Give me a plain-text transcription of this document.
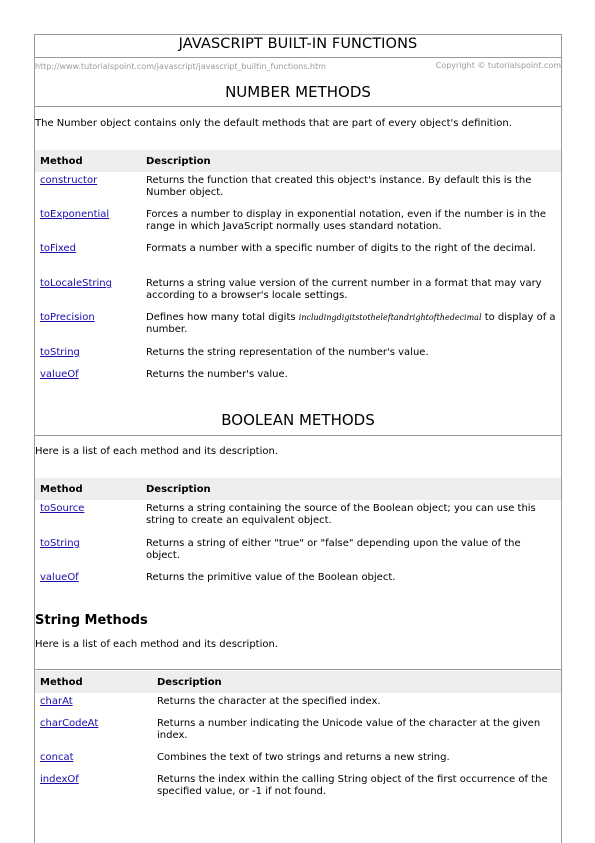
JAVASCRIPT BUILT-IN FUNCTIONS
http://www.tutorialspoint.com/javascript/javascript_builtin_functions.htm	Copyright © tutorialspoint.com
NUMBER METHODS
The Number object contains only the default methods that are part of every object's definition.
Method	Description
constructor	Returns the function that created this object's instance. By default this is the Number object.
toExponential	Forces a number to display in exponential notation, even if the number is in the range in which JavaScript normally uses standard notation.
toFixed	Formats a number with a specific number of digits to the right of the decimal.
toLocaleString	Returns a string value version of the current number in a format that may vary according to a browser's locale settings.
toPrecision	Defines how many total digits includingdigitstotheleftandrightofthedecimal to display of a number.
toString	Returns the string representation of the number's value.
valueOf	Returns the number's value.
BOOLEAN METHODS
Here is a list of each method and its description.
Method	Description
toSource	Returns a string containing the source of the Boolean object; you can use this string to create an equivalent object.
toString	Returns a string of either "true" or "false" depending upon the value of the object.
valueOf	Returns the primitive value of the Boolean object.
String Methods
Here is a list of each method and its description.
Method	Description
charAt	Returns the character at the specified index.
charCodeAt	Returns a number indicating the Unicode value of the character at the given index.
concat	Combines the text of two strings and returns a new string.
indexOf	Returns the index within the calling String object of the first occurrence of the specified value, or -1 if not found.
